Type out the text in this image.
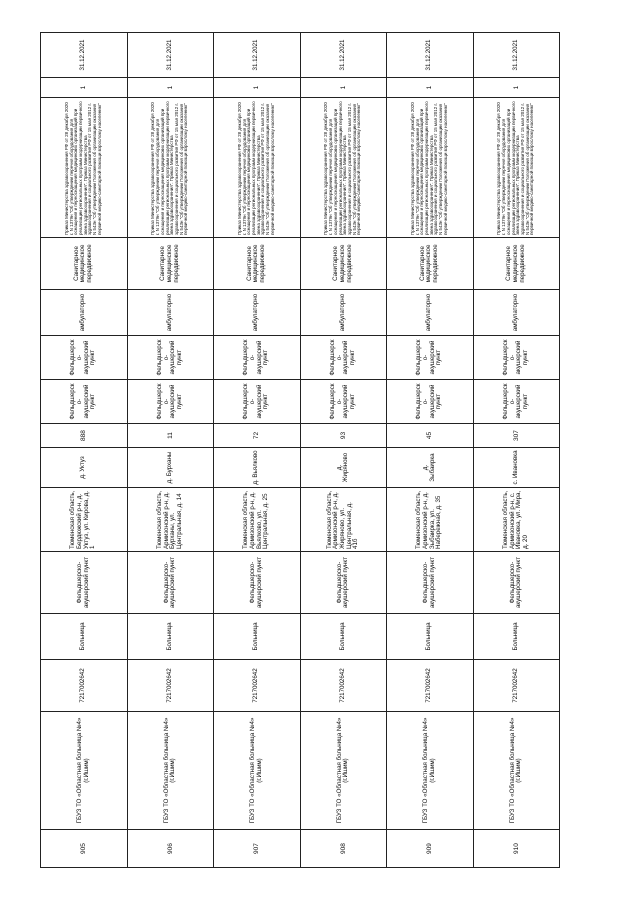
905	ГБУЗ ТО «Областная больница №4» (г.Ишим)	7217002642	Больница	Фельдшерско-акушерский пункт	Тюменская область, Бердюжский р-н, д. Уктуз, ул. Кирова, д. 1	д. Уктуз	888	Фельдшерско-акушерский пункт	Фельдшерско-акушерский пункт	амбулаторно	Санитарное медицинское передвижное	Приказ Министерства здравоохранения РФ от 28 декабря 2020 г. N 1379н "Об утверждении перечня оборудования для оснащения и переоснащения медицинских организаций при реализации региональных программ модернизации первичного звена здравоохранения". Приказ Министерства здравоохранения и социального развития РФ от 15 мая 2012 г. N 543н "Об утверждении Положения об организации оказания первичной медико-санитарной помощи взрослому населению"	1	31.12.2021
906	ГБУЗ ТО «Областная больница №4» (г.Ишим)	7217002642	Больница	Фельдшерско-акушерский пункт	Тюменская область, Армизонский р-н, д. Бурханы, ул. Центральная, д. 14	д. Бурханы	11	Фельдшерско-акушерский пункт	Фельдшерско-акушерский пункт	амбулаторно	Санитарное медицинское передвижное	Приказ Министерства здравоохранения РФ от 28 декабря 2020 г. N 1379н "Об утверждении перечня оборудования для оснащения и переоснащения медицинских организаций при реализации региональных программ модернизации первичного звена здравоохранения". Приказ Министерства здравоохранения и социального развития РФ от 15 мая 2012 г. N 543н "Об утверждении Положения об организации оказания первичной медико-санитарной помощи взрослому населению"	1	31.12.2021
907	ГБУЗ ТО «Областная больница №4» (г.Ишим)	7217002642	Больница	Фельдшерско-акушерский пункт	Тюменская область, Армизонский р-н, д. Вьялково, ул. Центральная, д. 25	д. Вьялково	72	Фельдшерско-акушерский пункт	Фельдшерско-акушерский пункт	амбулаторно	Санитарное медицинское передвижное	Приказ Министерства здравоохранения РФ от 28 декабря 2020 г. N 1379н "Об утверждении перечня оборудования для оснащения и переоснащения медицинских организаций при реализации региональных программ модернизации первичного звена здравоохранения". Приказ Министерства здравоохранения и социального развития РФ от 15 мая 2012 г. N 543н "Об утверждении Положения об организации оказания первичной медико-санитарной помощи взрослому населению"	1	31.12.2021
908	ГБУЗ ТО «Областная больница №4» (г.Ишим)	7217002642	Больница	Фельдшерско-акушерский пункт	Тюменская область, Армизонский р-н, д. Жиряново, ул. Центральная, д. 41б	д. Жиряново	93	Фельдшерско-акушерский пункт	Фельдшерско-акушерский пункт	амбулаторно	Санитарное медицинское передвижное	Приказ Министерства здравоохранения РФ от 28 декабря 2020 г. N 1379н "Об утверждении перечня оборудования для оснащения и переоснащения медицинских организаций при реализации региональных программ модернизации первичного звена здравоохранения". Приказ Министерства здравоохранения и социального развития РФ от 15 мая 2012 г. N 543н "Об утверждении Положения об организации оказания первичной медико-санитарной помощи взрослому населению"	1	31.12.2021
909	ГБУЗ ТО «Областная больница №4» (г.Ишим)	7217002642	Больница	Фельдшерско-акушерский пункт	Тюменская область, Армизонский р-н, д. Зыбаирка, ул. Набережная, д. 35	д. Зыбаирка	45	Фельдшерско-акушерский пункт	Фельдшерско-акушерский пункт	амбулаторно	Санитарное медицинское передвижное	Приказ Министерства здравоохранения РФ от 28 декабря 2020 г. N 1379н "Об утверждении перечня оборудования для оснащения и переоснащения медицинских организаций при реализации региональных программ модернизации первичного звена здравоохранения". Приказ Министерства здравоохранения и социального развития РФ от 15 мая 2012 г. N 543н "Об утверждении Положения об организации оказания первичной медико-санитарной помощи взрослому населению"	1	31.12.2021
910	ГБУЗ ТО «Областная больница №4» (г.Ишим)	7217002642	Больница	Фельдшерско-акушерский пункт	Тюменская область, Армизонский р-н, с. Ивановка, ул. Мира, д. 20	с. Ивановка	307	Фельдшерско-акушерский пункт	Фельдшерско-акушерский пункт	амбулаторно	Санитарное медицинское передвижное	Приказ Министерства здравоохранения РФ от 28 декабря 2020 г. N 1379н "Об утверждении перечня оборудования для оснащения и переоснащения медицинских организаций при реализации региональных программ модернизации первичного звена здравоохранения". Приказ Министерства здравоохранения и социального развития РФ от 15 мая 2012 г. N 543н "Об утверждении Положения об организации оказания первичной медико-санитарной помощи взрослому населению"	1	31.12.2021
